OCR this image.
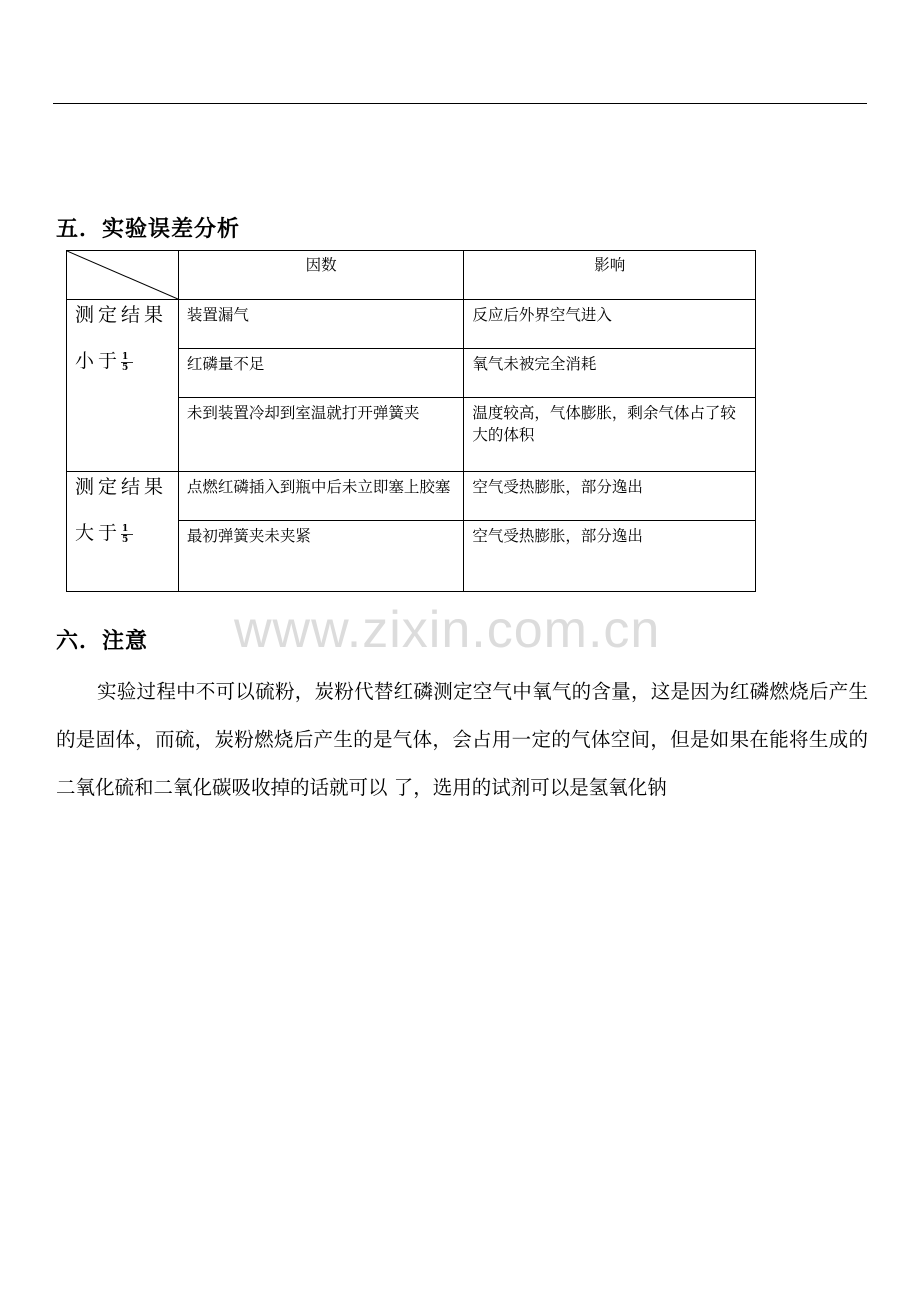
五．实验误差分析
	因数	影响

测定结果
小于 $\frac{1}{5}$	装置漏气	反应后外界空气进入
	红磷量不足	氧气未被完全消耗
	未到装置冷却到室温就打开弹簧夹	温度较高，气体膨胀，剩余气体占了较大的体积

测定结果
大于 $\frac{1}{5}$	点燃红磷插入到瓶中后未立即塞上胶塞	空气受热膨胀，部分逸出
	最初弹簧夹未夹紧	空气受热膨胀，部分逸出
www.zixin.com.cn
六．注意

实验过程中不可以硫粉，炭粉代替红磷测定空气中氧气的含量，这是因为红磷燃烧后产生的是固体，而硫，炭粉燃烧后产生的是气体，会占用一定的气体空间，但是如果在能将生成的二氧化硫和二氧化碳吸收掉的话就可以 了，选用的试剂可以是氢氧化钠
